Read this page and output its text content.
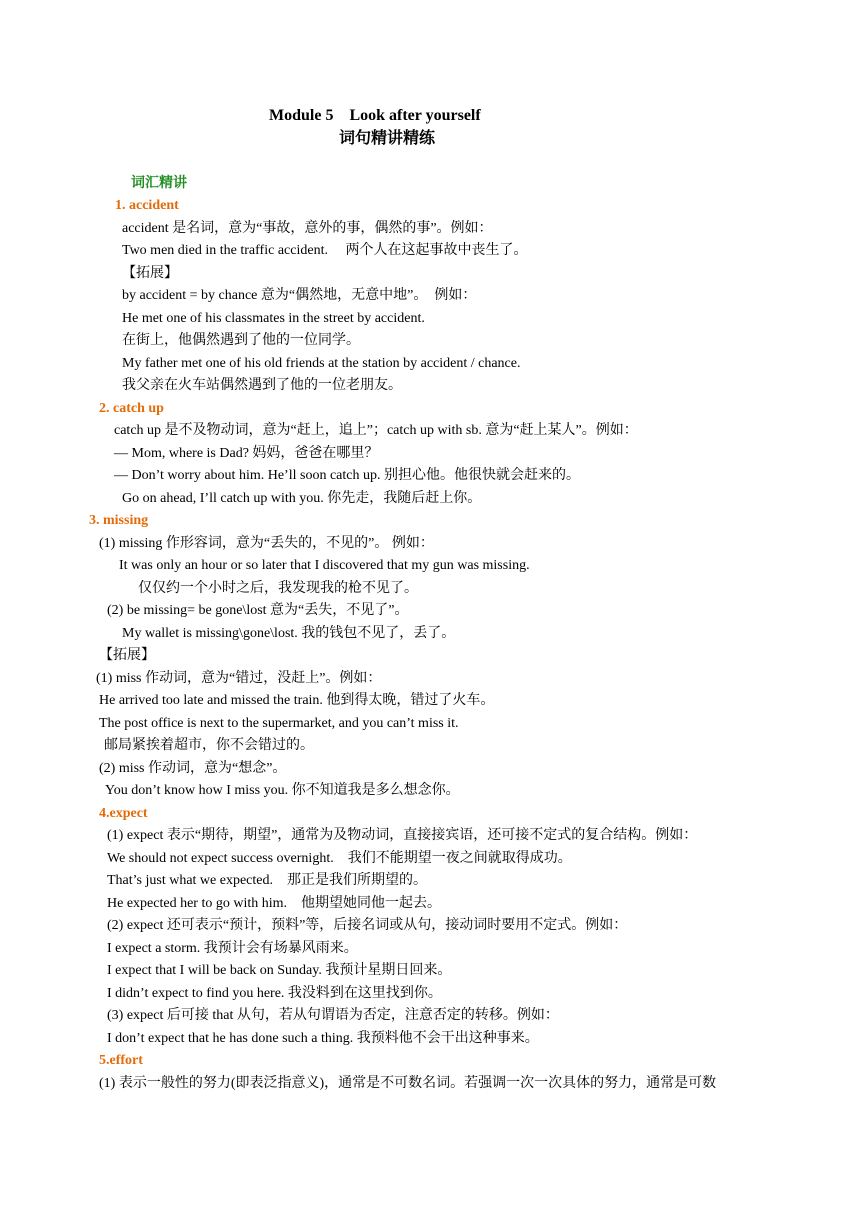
Module 5　Look after yourself
词句精讲精练
词汇精讲
1. accident
accident 是名词，意为“事故，意外的事，偶然的事”。例如：
Two men died in the traffic accident.　 两个人在这起事故中丧生了。
【拓展】
by accident = by chance 意为“偶然地，无意中地”。　例如：
He met one of his classmates in the street by accident.
在街上，他偶然遇到了他的一位同学。
My father met one of his old friends at the station by accident / chance.
我父亲在火车站偶然遇到了他的一位老朋友。
2. catch up
catch up 是不及物动词，意为“赶上，追上”；catch up with sb. 意为“赶上某人”。例如：
— Mom, where is Dad? 妈妈，爸爸在哪里？
— Don’t worry about him. He’ll soon catch up. 别担心他。他很快就会赶来的。
Go on ahead, I’ll catch up with you. 你先走，我随后赶上你。
3. missing
(1) missing 作形容词，意为“丢失的，不见的”。 例如：
It was only an hour or so later that I discovered that my gun was missing.
仅仅约一个小时之后，我发现我的枪不见了。
(2) be missing= be gone\lost 意为“丢失，不见了”。
My wallet is missing\gone\lost. 我的钱包不见了，丢了。
【拓展】
(1) miss 作动词，意为“错过，没赶上”。例如：
He arrived too late and missed the train. 他到得太晚，错过了火车。
The post office is next to the supermarket, and you can’t miss it.
邮局紧挨着超市，你不会错过的。
(2) miss 作动词，意为“想念”。
You don’t know how I miss you. 你不知道我是多么想念你。
4.expect
(1) expect 表示“期待，期望”，通常为及物动词，直接接宾语，还可接不定式的复合结构。例如：
We should not expect success overnight.　我们不能期望一夜之间就取得成功。
That’s just what we expected.　那正是我们所期望的。
He expected her to go with him.　他期望她同他一起去。
(2) expect 还可表示“预计，预料”等，后接名词或从句，接动词时要用不定式。例如：
I expect a storm. 我预计会有场暴风雨来。
I expect that I will be back on Sunday. 我预计星期日回来。
I didn’t expect to find you here. 我没料到在这里找到你。
(3) expect 后可接 that 从句，若从句谓语为否定，注意否定的转移。例如：
I don’t expect that he has done such a thing. 我预料他不会干出这种事来。
5.effort
(1) 表示一般性的努力(即表泛指意义)，通常是不可数名词。若强调一次一次具体的努力，通常是可数
